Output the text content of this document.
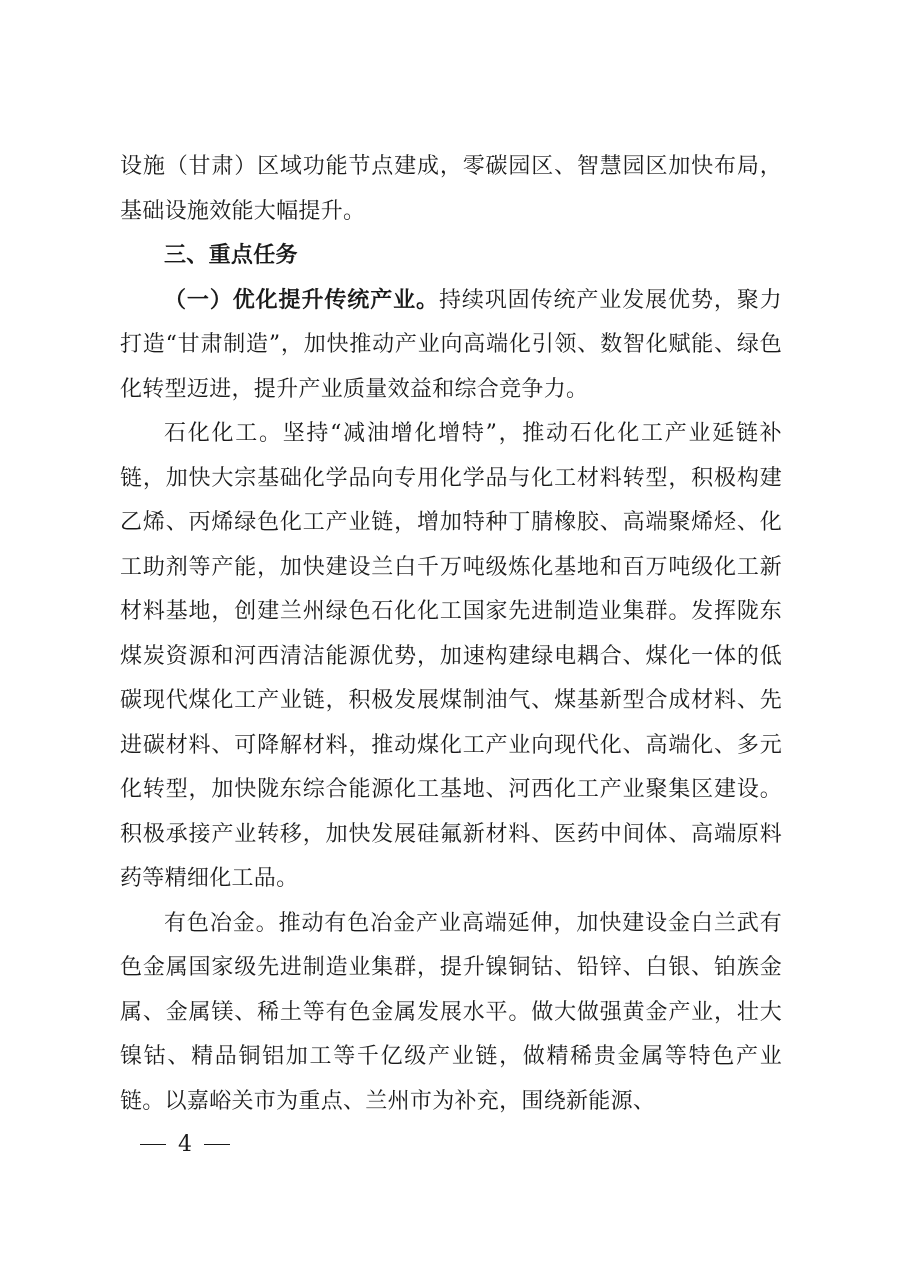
设施（甘肃）区域功能节点建成，零碳园区、智慧园区加快布局，基础设施效能大幅提升。

三、重点任务

（一）优化提升传统产业。持续巩固传统产业发展优势，聚力打造“甘肃制造”，加快推动产业向高端化引领、数智化赋能、绿色化转型迈进，提升产业质量效益和综合竞争力。

石化化工。坚持“减油增化增特”，推动石化化工产业延链补链，加快大宗基础化学品向专用化学品与化工材料转型，积极构建乙烯、丙烯绿色化工产业链，增加特种丁腈橡胶、高端聚烯烃、化工助剂等产能，加快建设兰白千万吨级炼化基地和百万吨级化工新材料基地，创建兰州绿色石化化工国家先进制造业集群。发挥陇东煤炭资源和河西清洁能源优势，加速构建绿电耦合、煤化一体的低碳现代煤化工产业链，积极发展煤制油气、煤基新型合成材料、先进碳材料、可降解材料，推动煤化工产业向现代化、高端化、多元化转型，加快陇东综合能源化工基地、河西化工产业聚集区建设。积极承接产业转移，加快发展硅氟新材料、医药中间体、高端原料药等精细化工品。

有色冶金。推动有色冶金产业高端延伸，加快建设金白兰武有色金属国家级先进制造业集群，提升镍铜钴、铅锌、白银、铂族金属、金属镁、稀土等有色金属发展水平。做大做强黄金产业，壮大镍钴、精品铜铝加工等千亿级产业链，做精稀贵金属等特色产业链。以嘉峪关市为重点、兰州市为补充，围绕新能源、

4
